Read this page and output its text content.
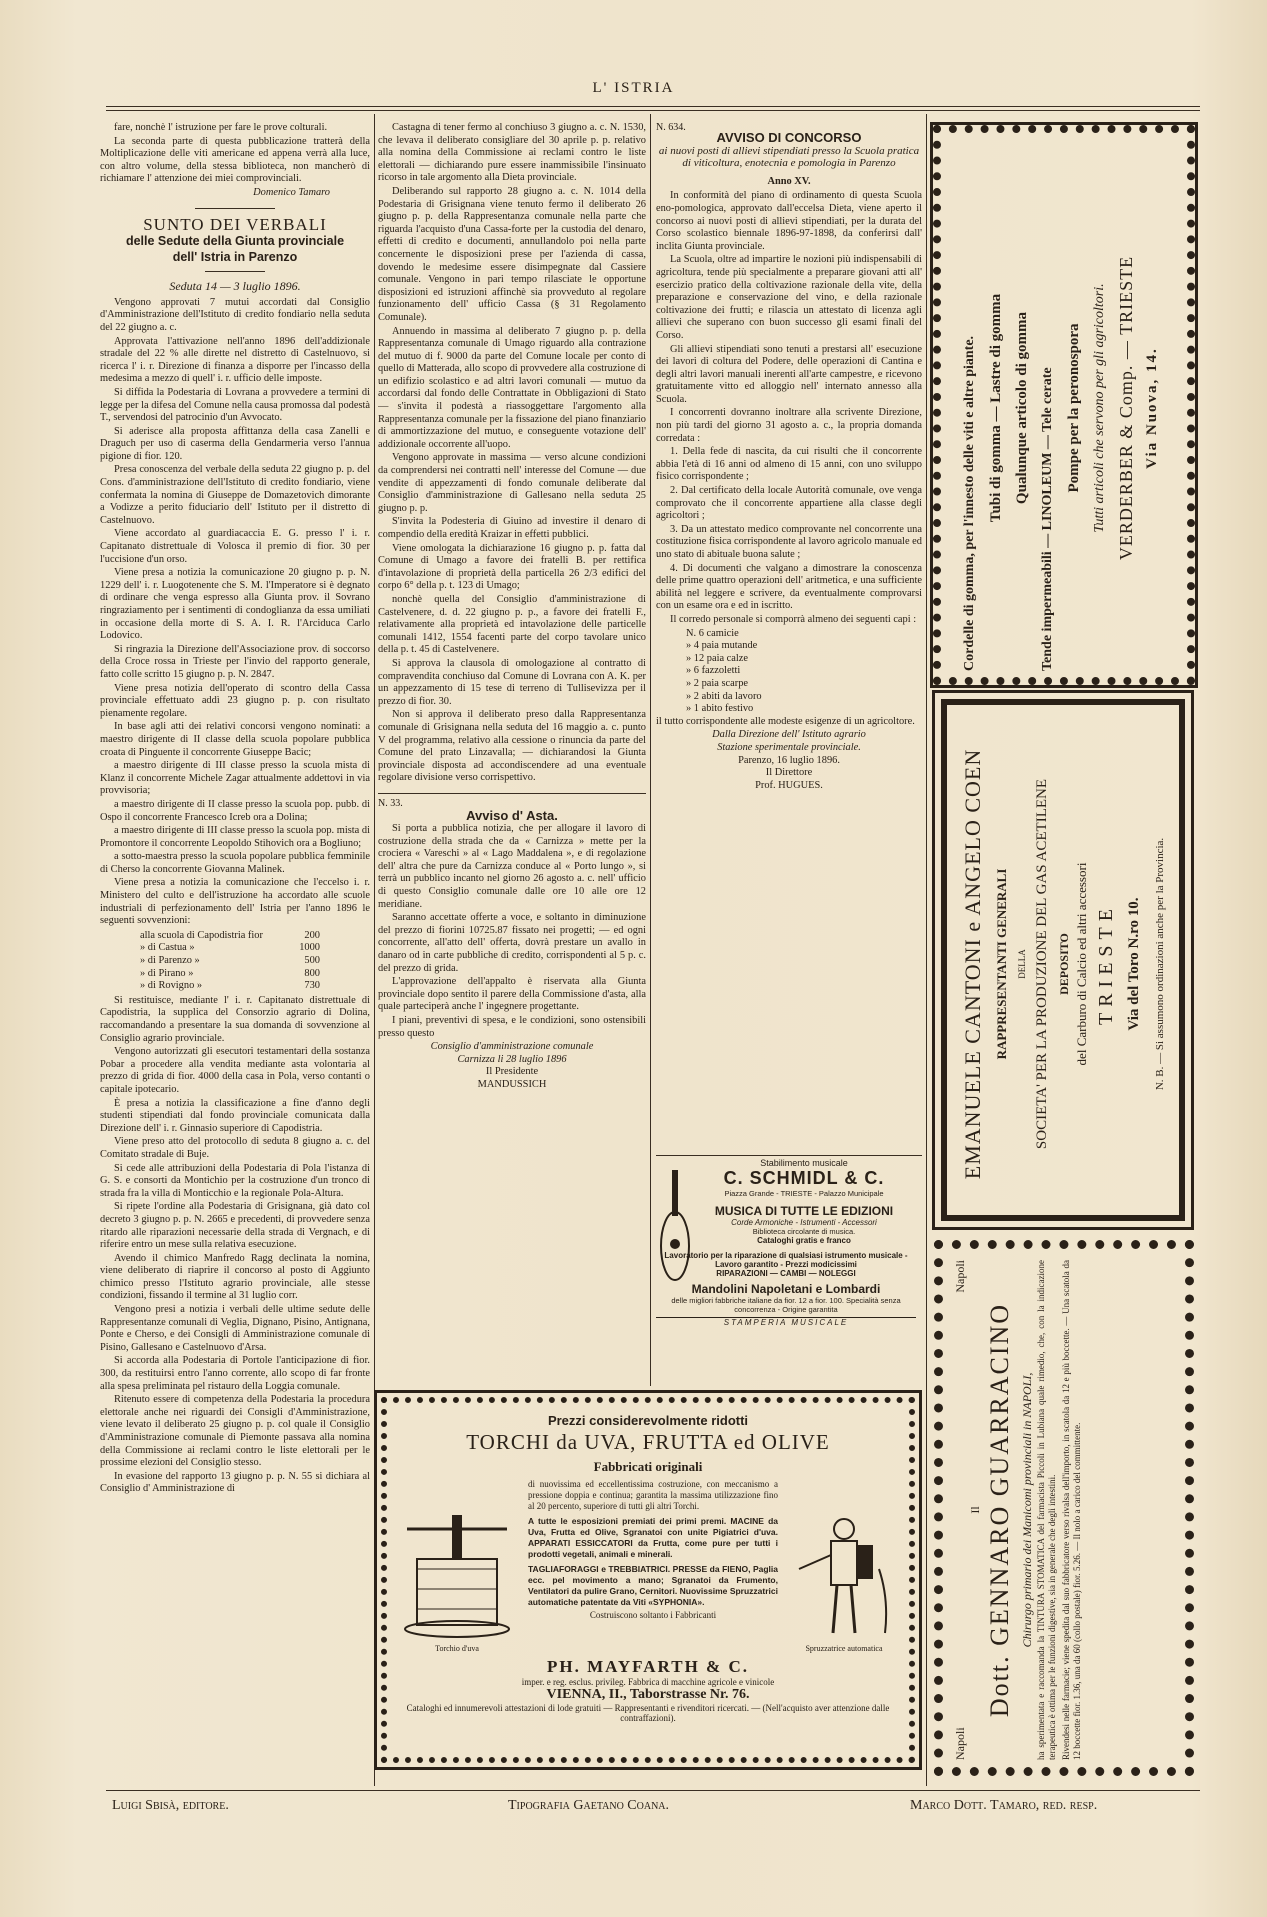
L' ISTRIA

fare, nonchè l' istruzione per fare le prove colturali.

La seconda parte di questa pubblicazione tratterà della Moltiplicazione delle viti americane ed appena verrà alla luce, con altro volume, della stessa biblioteca, non mancherò di richiamare l' attenzione dei miei comprovinciali.

Domenico Tamaro

SUNTO DEI VERBALI
delle Sedute della Giunta provinciale
dell' Istria in Parenzo
Seduta 14 — 3 luglio 1896.

Vengono approvati 7 mutui accordati dal Consiglio d'Amministrazione dell'Istituto di credito fondiario nella seduta del 22 giugno a. c.

Approvata l'attivazione nell'anno 1896 dell'addizionale stradale del 22 % alle dirette nel distretto di Castelnuovo, si ricerca l' i. r. Direzione di finanza a disporre per l'incasso della medesima a mezzo di quell' i. r. ufficio delle imposte.

Si diffida la Podestaria di Lovrana a provvedere a termini di legge per la difesa del Comune nella causa promossa dal podestà T., servendosi del patrocinio d'un Avvocato.

Si aderisce alla proposta affittanza della casa Zanelli e Draguch per uso di caserma della Gendarmeria verso l'annua pigione di fior. 120.

Presa conoscenza del verbale della seduta 22 giugno p. p. del Cons. d'amministrazione dell'Istituto di credito fondiario, viene confermata la nomina di Giuseppe de Domazetovich dimorante a Vodizze a perito fiduciario dell' Istituto per il distretto di Castelnuovo.

Viene accordato al guardiacaccia E. G. presso l' i. r. Capitanato distrettuale di Volosca il premio di fior. 30 per l'uccisione d'un orso.

Viene presa a notizia la comunicazione 20 giugno p. p. N. 1229 dell' i. r. Luogotenente che S. M. l'Imperatore si è degnato di ordinare che venga espresso alla Giunta prov. il Sovrano ringraziamento per i sentimenti di condoglianza da essa umiliati in occasione della morte di S. A. I. R. l'Arciduca Carlo Lodovico.

Si ringrazia la Direzione dell'Associazione prov. di soccorso della Croce rossa in Trieste per l'invio del rapporto generale, fatto colle scritto 15 giugno p. p. N. 2847.

Viene presa notizia dell'operato di scontro della Cassa provinciale effettuato addì 23 giugno p. p. con risultato pienamente regolare.

In base agli atti dei relativi concorsi vengono nominati: a maestro dirigente di II classe della scuola popolare pubblica croata di Pinguente il concorrente Giuseppe Bacic;

a maestro dirigente di III classe presso la scuola mista di Klanz il concorrente Michele Zagar attualmente addettovi in via provvisoria;

a maestro dirigente di II classe presso la scuola pop. pubb. di Ospo il concorrente Francesco Icreb ora a Dolina;

a maestro dirigente di III classe presso la scuola pop. mista di Promontore il concorrente Leopoldo Stihovich ora a Bogliuno;

a sotto-maestra presso la scuola popolare pubblica femminile di Cherso la concorrente Giovanna Malinek.

Viene presa a notizia la comunicazione che l'eccelso i. r. Ministero del culto e dell'istruzione ha accordato alle scuole industriali di perfezionamento dell' Istria per l'anno 1896 le seguenti sovvenzioni:

alla scuola di Capodistria fior	200
» di Castua »	1000
» di Parenzo »	500
» di Pirano »	800
» di Rovigno »	730

Si restituisce, mediante l' i. r. Capitanato distrettuale di Capodistria, la supplica del Consorzio agrario di Dolina, raccomandando a presentare la sua domanda di sovvenzione al Consiglio agrario provinciale.

Vengono autorizzati gli esecutori testamentari della sostanza Pobar a procedere alla vendita mediante asta volontaria al prezzo di grida di fior. 4000 della casa in Pola, verso contanti o capitale ipotecario.

È presa a notizia la classificazione a fine d'anno degli studenti stipendiati dal fondo provinciale comunicata dalla Direzione dell' i. r. Ginnasio superiore di Capodistria.

Viene preso atto del protocollo di seduta 8 giugno a. c. del Comitato stradale di Buje.

Si cede alle attribuzioni della Podestaria di Pola l'istanza di G. S. e consorti da Montichio per la costruzione d'un tronco di strada fra la villa di Monticchio e la regionale Pola-Altura.

Si ripete l'ordine alla Podestaria di Grisignana, già dato col decreto 3 giugno p. p. N. 2665 e precedenti, di provvedere senza ritardo alle riparazioni necessarie della strada di Vergnach, e di riferire entro un mese sulla relativa esecuzione.

Avendo il chimico Manfredo Ragg declinata la nomina, viene deliberato di riaprire il concorso al posto di Aggiunto chimico presso l'Istituto agrario provinciale, alle stesse condizioni, fissando il termine al 31 luglio corr.

Vengono presi a notizia i verbali delle ultime sedute delle Rappresentanze comunali di Veglia, Dignano, Pisino, Antignana, Ponte e Cherso, e dei Consigli di Amministrazione comunale di Pisino, Gallesano e Castelnuovo d'Arsa.

Si accorda alla Podestaria di Portole l'anticipazione di fior. 300, da restituirsi entro l'anno corrente, allo scopo di far fronte alla spesa preliminata pel ristauro della Loggia comunale.

Ritenuto essere di competenza della Podestaria la procedura elettorale anche nei riguardi dei Consigli d'Amministrazione, viene levato il deliberato 25 giugno p. p. col quale il Consiglio d'Amministrazione comunale di Piemonte passava alla nomina della Commissione ai reclami contro le liste elettorali per le prossime elezioni del Consiglio stesso.

In evasione del rapporto 13 giugno p. p. N. 55 si dichiara al Consiglio d' Amministrazione di

Castagna di tener fermo al conchiuso 3 giugno a. c. N. 1530, che levava il deliberato consigliare del 30 aprile p. p. relativo alla nomina della Commissione ai reclami contro le liste elettorali — dichiarando pure essere inammissibile l'insinuato ricorso in tale argomento alla Dieta provinciale.

Deliberando sul rapporto 28 giugno a. c. N. 1014 della Podestaria di Grisignana viene tenuto fermo il deliberato 26 giugno p. p. della Rappresentanza comunale nella parte che riguarda l'acquisto d'una Cassa-forte per la custodia del denaro, effetti di credito e documenti, annullandolo poi nella parte concernente le disposizioni prese per l'azienda di cassa, dovendo le medesime essere disimpegnate dal Cassiere comunale. Vengono in pari tempo rilasciate le opportune disposizioni ed istruzioni affinchè sia provveduto al regolare funzionamento dell' ufficio Cassa (§ 31 Regolamento Comunale).

Annuendo in massima al deliberato 7 giugno p. p. della Rappresentanza comunale di Umago riguardo alla contrazione del mutuo di f. 9000 da parte del Comune locale per conto di quello di Matterada, allo scopo di provvedere alla costruzione di un edifizio scolastico e ad altri lavori comunali — mutuo da accordarsi dal fondo delle Contrattate in Obbligazioni di Stato — s'invita il podestà a riassoggettare l'argomento alla Rappresentanza comunale per la fissazione del piano finanziario di ammortizzazione del mutuo, e conseguente votazione dell' addizionale occorrente all'uopo.

Vengono approvate in massima — verso alcune condizioni da comprendersi nei contratti nell' interesse del Comune — due vendite di appezzamenti di fondo comunale deliberate dal Consiglio d'amministrazione di Gallesano nella seduta 25 giugno p. p.

S'invita la Podesteria di Giuino ad investire il denaro di compendio della eredità Kraizar in effetti pubblici.

Viene omologata la dichiarazione 16 giugno p. p. fatta dal Comune di Umago a favore dei fratelli B. per rettifica d'intavolazione di proprietà della particella 26 2/3 edifici del corpo 6° della p. t. 123 di Umago;

nonchè quella del Consiglio d'amministrazione di Castelvenere, d. d. 22 giugno p. p., a favore dei fratelli F., relativamente alla proprietà ed intavolazione delle particelle comunali 1412, 1554 facenti parte del corpo tavolare unico della p. t. 45 di Castelvenere.

Si approva la clausola di omologazione al contratto di compravendita conchiuso dal Comune di Lovrana con A. K. per un appezzamento di 15 tese di terreno di Tullisevizza per il prezzo di fior. 30.

Non si approva il deliberato preso dalla Rappresentanza comunale di Grisignana nella seduta del 16 maggio a. c. punto V del programma, relativo alla cessione o rinuncia da parte del Comune del prato Linzavalla; — dichiarandosi la Giunta provinciale disposta ad accondiscendere ad una eventuale regolare divisione verso corrispettivo.

N. 33.
Avviso d' Asta.

Si porta a pubblica notizia, che per allogare il lavoro di costruzione della strada che da « Carnizza » mette per la crociera « Vareschi » al « Lago Maddalena », e di regolazione dell' altra che pure da Carnizza conduce al « Porto lungo », si terrà un pubblico incanto nel giorno 26 agosto a. c. nell' ufficio di questo Consiglio comunale dalle ore 10 alle ore 12 meridiane.

Saranno accettate offerte a voce, e soltanto in diminuzione del prezzo di fiorini 10725.87 fissato nei progetti; — ed ogni concorrente, all'atto dell' offerta, dovrà prestare un avallo in danaro od in carte pubbliche di credito, corrispondenti al 5 p. c. del prezzo di grida.

L'approvazione dell'appalto è riservata alla Giunta provinciale dopo sentito il parere della Commissione d'asta, alla quale parteciperà anche l' ingegnere progettante.

I piani, preventivi di spesa, e le condizioni, sono ostensibili presso questo

Consiglio d'amministrazione comunale
Carnizza li 28 luglio 1896
Il Presidente
MANDUSSICH
N. 634.
AVVISO DI CONCORSO
ai nuovi posti di allievi stipendiati presso la Scuola pratica di viticoltura, enotecnia e pomologia in Parenzo
Anno XV.

In conformità del piano di ordinamento di questa Scuola eno-pomologica, approvato dall'eccelsa Dieta, viene aperto il concorso ai nuovi posti di allievi stipendiati, per la durata del Corso scolastico biennale 1896-97-1898, da conferirsi dall' inclita Giunta provinciale.

La Scuola, oltre ad impartire le nozioni più indispensabili di agricoltura, tende più specialmente a preparare giovani atti all' esercizio pratico della coltivazione razionale della vite, della preparazione e conservazione del vino, e della razionale coltivazione dei frutti; e rilascia un attestato di licenza agli allievi che superano con buon successo gli esami finali del Corso.

Gli allievi stipendiati sono tenuti a prestarsi all' esecuzione dei lavori di coltura del Podere, delle operazioni di Cantina e degli altri lavori manuali inerenti all'arte campestre, e ricevono gratuitamente vitto ed alloggio nell' internato annesso alla Scuola.

I concorrenti dovranno inoltrare alla scrivente Direzione, non più tardi del giorno 31 agosto a. c., la propria domanda corredata :

1. Della fede di nascita, da cui risulti che il concorrente abbia l'età di 16 anni od almeno di 15 anni, con uno sviluppo fisico corrispondente ;

2. Dal certificato della locale Autorità comunale, ove venga comprovato che il concorrente appartiene alla classe degli agricoltori ;

3. Da un attestato medico comprovante nel concorrente una costituzione fisica corrispondente al lavoro agricolo manuale ed uno stato di abituale buona salute ;

4. Di documenti che valgano a dimostrare la conoscenza delle prime quattro operazioni dell' aritmetica, e una sufficiente abilità nel leggere e scrivere, da eventualmente comprovarsi con un esame ora e ed in iscritto.

Il corredo personale si comporrà almeno dei seguenti capi :

N. 6 camicie
» 4 paia mutande
» 12 paia calze
» 6 fazzoletti
» 2 paia scarpe
» 2 abiti da lavoro
» 1 abito festivo

il tutto corrispondente alle modeste esigenze di un agricoltore.

Dalla Direzione dell' Istituto agrario
Stazione sperimentale provinciale.
Parenzo, 16 luglio 1896.
Il Direttore
Prof. HUGUES.
Stabilimento musicale
C. SCHMIDL & C.
Piazza Grande - TRIESTE - Palazzo Municipale
MUSICA DI TUTTE LE EDIZIONI
Corde Armoniche - Istrumenti - Accessori
Biblioteca circolante di musica.
Cataloghi gratis e franco
Lavoratorio per la riparazione di qualsiasi istrumento musicale - Lavoro garantito - Prezzi modicissimi
RIPARAZIONI — CAMBI — NOLEGGI
Mandolini Napoletani e Lombardi
delle migliori fabbriche italiane da fior. 12 a fior. 100. Specialità senza concorrenza - Origine garantita
STAMPERIA MUSICALE
Prezzi considerevolmente ridotti
TORCHI da UVA, FRUTTA ed OLIVE
Fabbricati originali
Torchio d'uva
di nuovissima ed eccellentissima costruzione, con meccanismo a pressione doppia e continua; garantita la massima utilizzazione fino al 20 percento, superiore di tutti gli altri Torchi.
A tutte le esposizioni premiati dei primi premi. MACINE da Uva, Frutta ed Olive, Sgranatoi con unite Pigiatrici d'uva. APPARATI ESSICCATORI da Frutta, come pure per tutti i prodotti vegetali, animali e minerali.
TAGLIAFORAGGI e TREBBIATRICI. PRESSE da FIENO, Paglia ecc. pel movimento a mano; Sgranatoi da Frumento, Ventilatori da pulire Grano, Cernitori. Nuovissime Spruzzatrici automatiche patentate da Viti «SYPHONIA».
Costruiscono soltanto i Fabbricanti
Spruzzatrice automatica
PH. MAYFARTH & C.
imper. e reg. esclus. privileg. Fabbrica di macchine agricole e vinicole
VIENNA, II., Taborstrasse Nr. 76.
Cataloghi ed innumerevoli attestazioni di lode gratuiti — Rappresentanti e rivenditori ricercati. — (Nell'acquisto aver attenzione dalle contraffazioni).
Cordelle di gomma, per l'innesto delle viti e altre piante. Tubi di gomma — Lastre di gomma Qualunque articolo di gomma Tende impermeabili — LINOLEUM — Tele cerate Pompe per la peronospora Tutti articoli che servono per gli agricoltori. VERDERBER & Comp. — TRIESTE Via Nuova, 14.
EMANUELE CANTONI e ANGELO COEN RAPPRESENTANTI GENERALI DELLA SOCIETA' PER LA PRODUZIONE DEL GAS ACETILENE DEPOSITO del Carburo di Calcio ed altri accessori TRIESTE Via del Toro N.ro 10.	N. B. — Si assumono ordinazioni anche per la Provincia.
Napoli
Napoli
Il Dott. GENNARO GUARRACINO Chirurgo primario dei Manicomi provinciali in NAPOLI, ha sperimentata e raccomanda la TINTURA STOMATICA del farmacista Piccoli in Lubiana quale rimedio, che, con la indicazione terapeutica è ottima per le funzioni digestive, sia in generale che degli intestini. Rivendesi nelle farmacie; viene spedita dal suo fabbricatore verso rivalsa dell'importo, in scatola da 12 e più boccette. — Una scatola da 12 boccette fior. 1.36, una da 60 (collo postale) fior. 5.26. — Il nolo a carico del committente.
Luigi Sbisà, editore.	Tipografia Gaetano Coana.	Marco Dott. Tamaro, red. resp.
